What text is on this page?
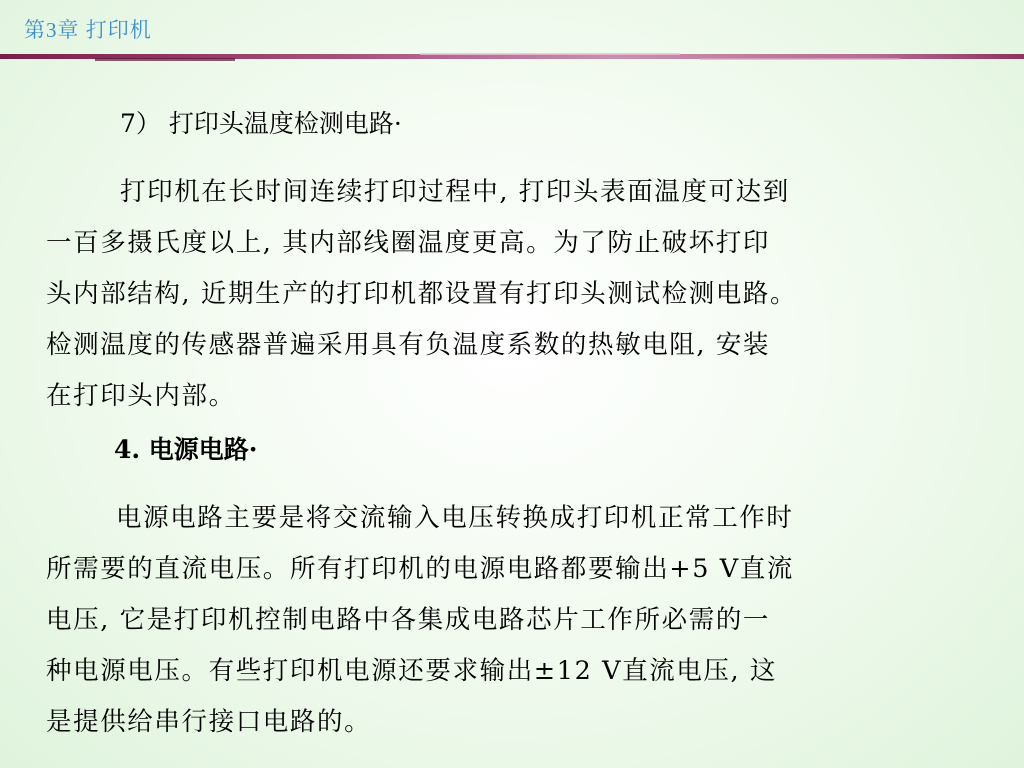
第3章 打印机
7） 打印头温度检测电路·
打印机在长时间连续打印过程中, 打印头表面温度可达到
一百多摄氏度以上, 其内部线圈温度更高。为了防止破坏打印
头内部结构, 近期生产的打印机都设置有打印头测试检测电路。
检测温度的传感器普遍采用具有负温度系数的热敏电阻, 安装
在打印头内部。
4. 电源电路·
电源电路主要是将交流输入电压转换成打印机正常工作时
所需要的直流电压。所有打印机的电源电路都要输出+5 V直流
电压, 它是打印机控制电路中各集成电路芯片工作所必需的一
种电源电压。有些打印机电源还要求输出±12 V直流电压, 这
是提供给串行接口电路的。
